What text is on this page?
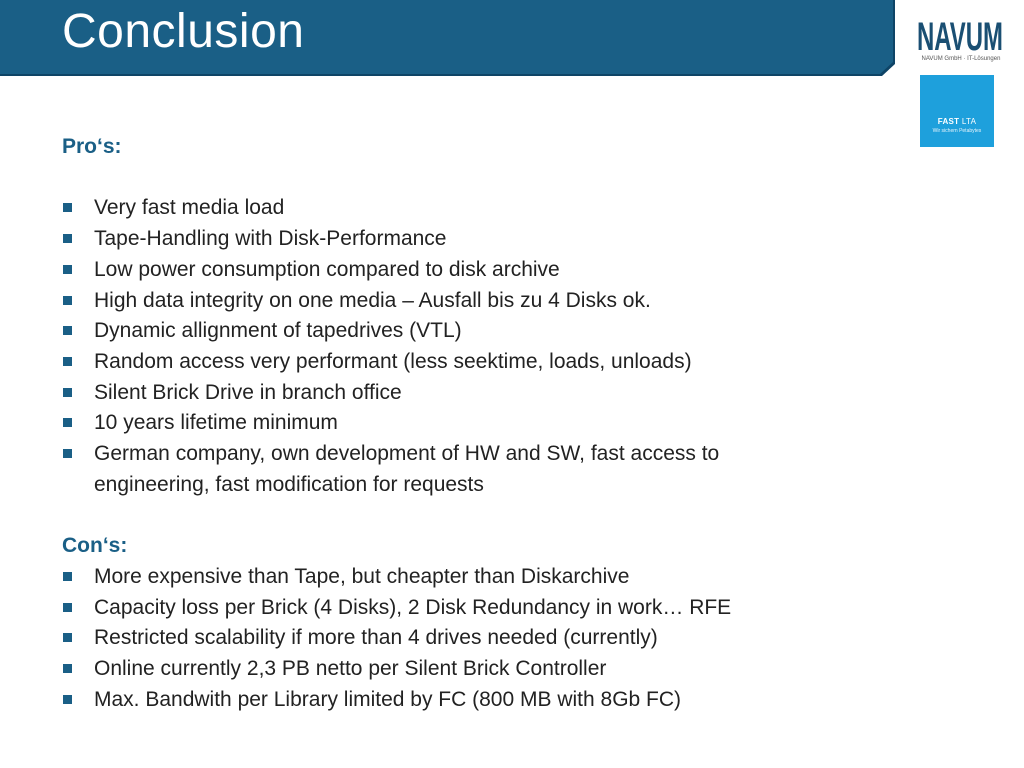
Conclusion	NAVUM
NAVUM GmbH · IT-Lösungen
FAST LTA
Wir sichern Petabytes
Pro‘s:
Very fast media load
Tape-Handling with Disk-Performance
Low power consumption compared to disk archive
High data integrity on one media – Ausfall bis zu 4 Disks ok.
Dynamic allignment of tapedrives (VTL)
Random access very performant (less seektime, loads, unloads)
Silent Brick Drive in branch office
10 years lifetime minimum
German company, own development of HW and SW, fast access to engineering, fast modification for requests
Con‘s:
More expensive than Tape, but cheapter than Diskarchive
Capacity loss per Brick (4 Disks), 2 Disk Redundancy in work… RFE
Restricted scalability if more than 4 drives needed (currently)
Online currently 2,3 PB netto per Silent Brick Controller
Max. Bandwith per Library limited by FC (800 MB with 8Gb FC)
